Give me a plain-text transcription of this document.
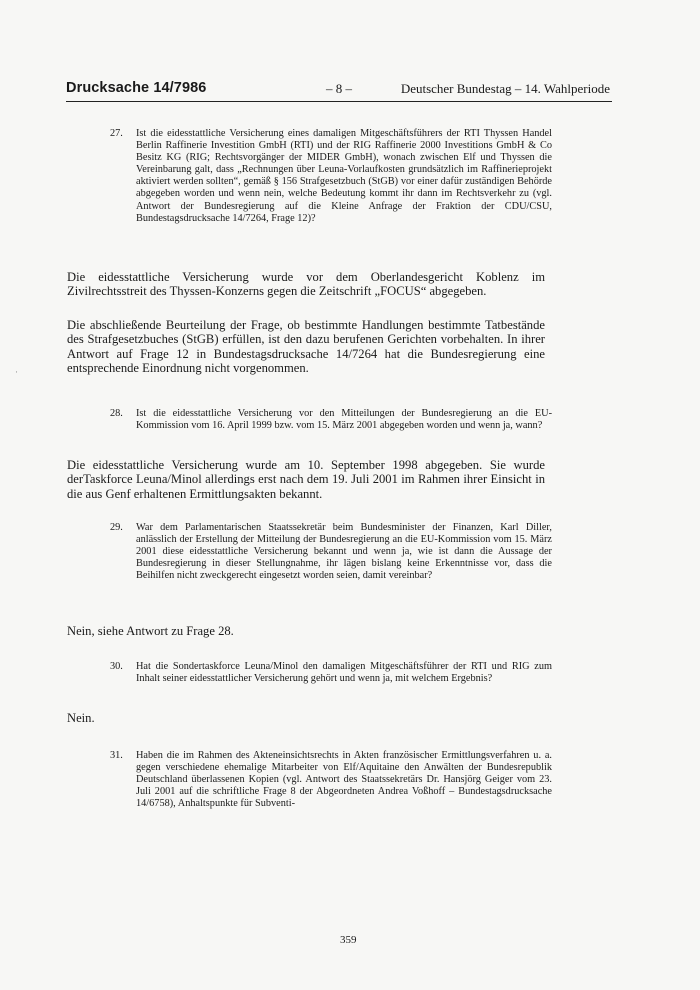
Drucksache 14/7986	– 8 –	Deutscher Bundestag – 14. Wahlperiode
27. Ist die eidesstattliche Versicherung eines damaligen Mitgeschäftsführers der RTI Thyssen Handel Berlin Raffinerie Investition GmbH (RTI) und der RIG Raffinerie 2000 Investitions GmbH & Co Besitz KG (RIG; Rechtsvorgänger der MIDER GmbH), wonach zwischen Elf und Thyssen die Vereinbarung galt, dass „Rechnungen über Leuna-Vorlaufkosten grundsätzlich im Raffinerieprojekt aktiviert werden sollten“, gemäß § 156 Strafgesetzbuch (StGB) vor einer dafür zuständigen Behörde abgegeben worden und wenn nein, welche Bedeutung kommt ihr dann im Rechtsverkehr zu (vgl. Antwort der Bundesregierung auf die Kleine Anfrage der Fraktion der CDU/CSU, Bundestagsdrucksache 14/7264, Frage 12)?

Die eidesstattliche Versicherung wurde vor dem Oberlandesgericht Koblenz im Zivilrechtsstreit des Thyssen-Konzerns gegen die Zeitschrift „FOCUS“ abgegeben.

Die abschließende Beurteilung der Frage, ob bestimmte Handlungen bestimmte Tatbestände des Strafgesetzbuches (StGB) erfüllen, ist den dazu berufenen Gerichten vorbehalten. In ihrer Antwort auf Frage 12 in Bundestagsdrucksache 14/7264 hat die Bundesregierung eine entsprechende Einordnung nicht vorgenommen.

28. Ist die eidesstattliche Versicherung vor den Mitteilungen der Bundesregierung an die EU-Kommission vom 16. April 1999 bzw. vom 15. März 2001 abgegeben worden und wenn ja, wann?

Die eidesstattliche Versicherung wurde am 10. September 1998 abgegeben. Sie wurde derTaskforce Leuna/Minol allerdings erst nach dem 19. Juli 2001 im Rahmen ihrer Einsicht in die aus Genf erhaltenen Ermittlungsakten bekannt.

29. War dem Parlamentarischen Staatssekretär beim Bundesminister der Finanzen, Karl Diller, anlässlich der Erstellung der Mitteilung der Bundesregierung an die EU-Kommission vom 15. März 2001 diese eidesstattliche Versicherung bekannt und wenn ja, wie ist dann die Aussage der Bundesregierung in dieser Stellungnahme, ihr lägen bislang keine Erkenntnisse vor, dass die Beihilfen nicht zweckgerecht eingesetzt worden seien, damit vereinbar?

Nein, siehe Antwort zu Frage 28.

30. Hat die Sondertaskforce Leuna/Minol den damaligen Mitgeschäftsführer der RTI und RIG zum Inhalt seiner eidesstattlicher Versicherung gehört und wenn ja, mit welchem Ergebnis?

Nein.

31. Haben die im Rahmen des Akteneinsichtsrechts in Akten französischer Ermittlungsverfahren u. a. gegen verschiedene ehemalige Mitarbeiter von Elf/Aquitaine den Anwälten der Bundesrepublik Deutschland überlassenen Kopien (vgl. Antwort des Staatssekretärs Dr. Hansjörg Geiger vom 23. Juli 2001 auf die schriftliche Frage 8 der Abgeordneten Andrea Voßhoff – Bundestagsdrucksache 14/6758), Anhaltspunkte für Subventi-
359
·
